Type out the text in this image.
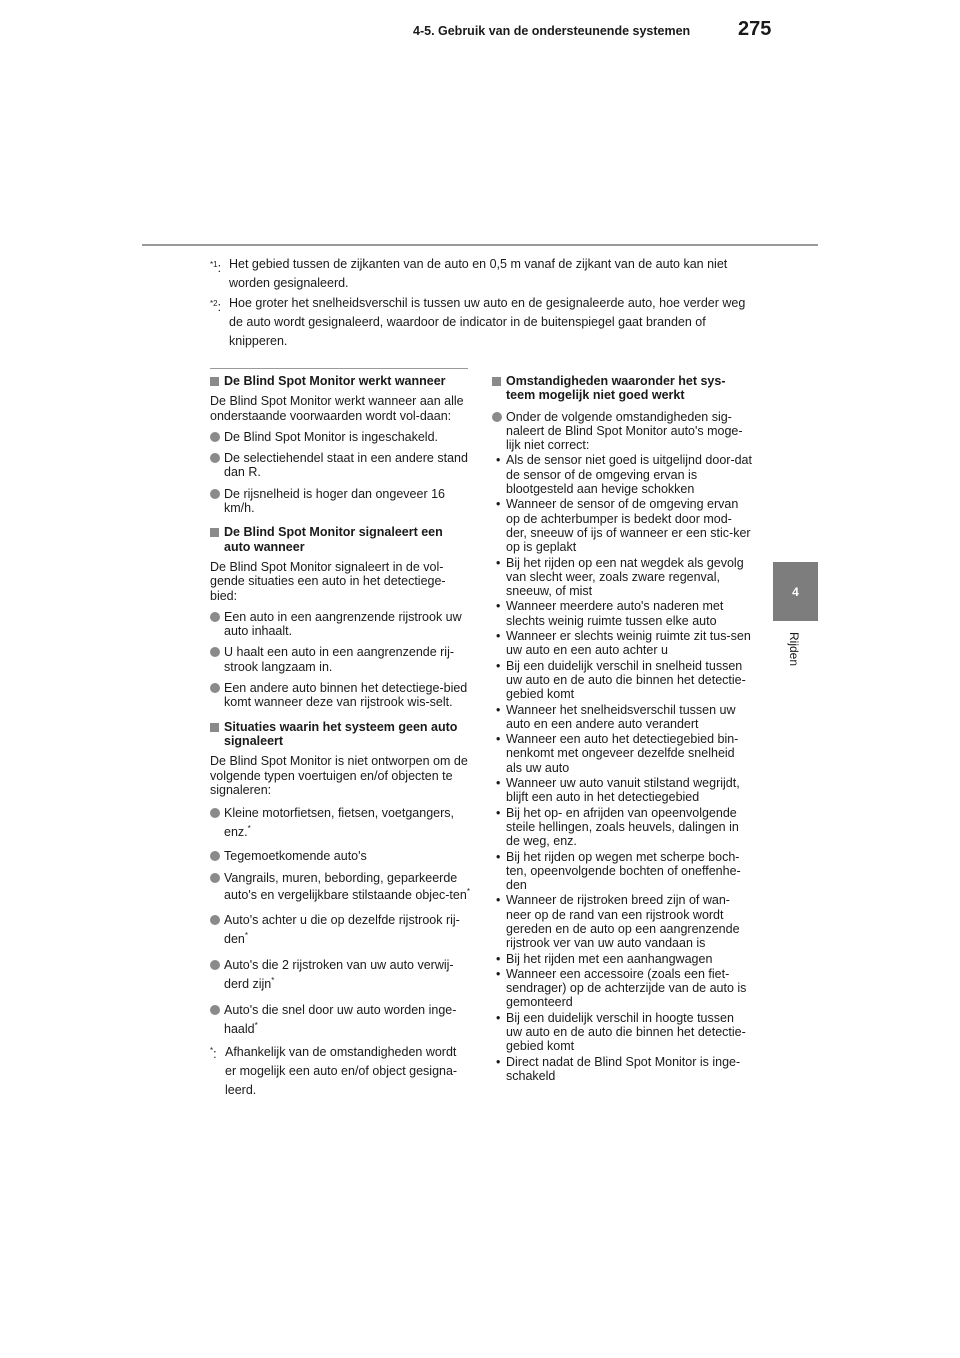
4-5. Gebruik van de ondersteunende systemen 275
4
Rijden
$^{*1}$: Het gebied tussen de zijkanten van de auto en 0,5 m vanaf de zijkant van de auto kan niet worden gesignaleerd.
$^{*2}$: Hoe groter het snelheidsverschil is tussen uw auto en de gesignaleerde auto, hoe verder weg de auto wordt gesignaleerd, waardoor de indicator in de buitenspiegel gaat branden of knipperen.
De Blind Spot Monitor werkt wanneer
De Blind Spot Monitor werkt wanneer aan alle onderstaande voorwaarden wordt vol-daan:
De Blind Spot Monitor is ingeschakeld.
De selectiehendel staat in een andere stand dan R.
De rijsnelheid is hoger dan ongeveer 16 km/h.
De Blind Spot Monitor signaleert een auto wanneer
De Blind Spot Monitor signaleert in de vol-gende situaties een auto in het detectiege-bied:
Een auto in een aangrenzende rijstrook uw auto inhaalt.
U haalt een auto in een aangrenzende rij-strook langzaam in.
Een andere auto binnen het detectiege-bied komt wanneer deze van rijstrook wis-selt.
Situaties waarin het systeem geen auto signaleert
De Blind Spot Monitor is niet ontworpen om de volgende typen voertuigen en/of objecten te signaleren:
Kleine motorfietsen, fietsen, voetgangers, enz.*
Tegemoetkomende auto's
Vangrails, muren, bebording, geparkeerde auto's en vergelijkbare stilstaande objec-ten*
Auto's achter u die op dezelfde rijstrook rij-den*
Auto's die 2 rijstroken van uw auto verwij-derd zijn*
Auto's die snel door uw auto worden inge-haald*
*: Afhankelijk van de omstandigheden wordt er mogelijk een auto en/of object gesigna-leerd.
Omstandigheden waaronder het sys-teem mogelijk niet goed werkt
Onder de volgende omstandigheden sig-naleert de Blind Spot Monitor auto's moge-lijk niet correct:
• Als de sensor niet goed is uitgelijnd door-dat de sensor of de omgeving ervan is blootgesteld aan hevige schokken
• Wanneer de sensor of de omgeving ervan op de achterbumper is bedekt door mod-der, sneeuw of ijs of wanneer er een stic-ker op is geplakt
• Bij het rijden op een nat wegdek als gevolg van slecht weer, zoals zware regenval, sneeuw, of mist
• Wanneer meerdere auto's naderen met slechts weinig ruimte tussen elke auto
• Wanneer er slechts weinig ruimte zit tus-sen uw auto en een auto achter u
• Bij een duidelijk verschil in snelheid tussen uw auto en de auto die binnen het detectie-gebied komt
• Wanneer het snelheidsverschil tussen uw auto en een andere auto verandert
• Wanneer een auto het detectiegebied bin-nenkomt met ongeveer dezelfde snelheid als uw auto
• Wanneer uw auto vanuit stilstand wegrijdt, blijft een auto in het detectiegebied
• Bij het op- en afrijden van opeenvolgende steile hellingen, zoals heuvels, dalingen in de weg, enz.
• Bij het rijden op wegen met scherpe boch-ten, opeenvolgende bochten of oneffenhe-den
• Wanneer de rijstroken breed zijn of wan-neer op de rand van een rijstrook wordt gereden en de auto op een aangrenzende rijstrook ver van uw auto vandaan is
• Bij het rijden met een aanhangwagen
• Wanneer een accessoire (zoals een fiet-sendrager) op de achterzijde van de auto is gemonteerd
• Bij een duidelijk verschil in hoogte tussen uw auto en de auto die binnen het detectie-gebied komt
• Direct nadat de Blind Spot Monitor is inge-schakeld
